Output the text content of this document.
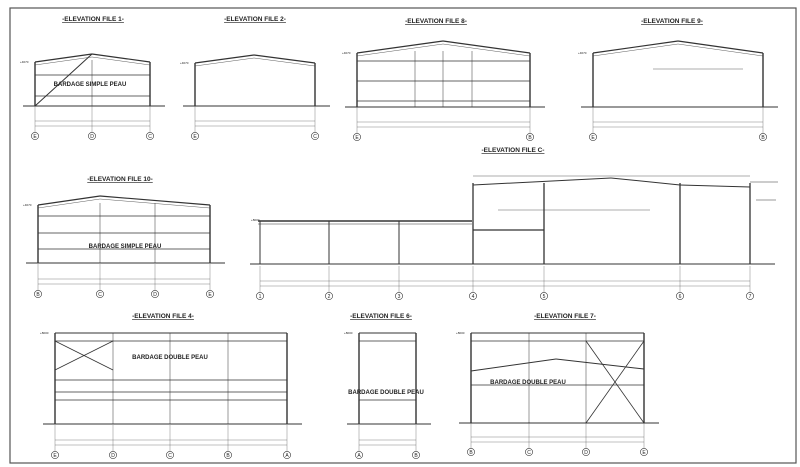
-ELEVATION FILE 1-
BARDAGE SIMPLE PEAU
+4670
E	D	C
-ELEVATION FILE 2-
+4670
E	C
-ELEVATION FILE 8-
+4670
E	B
-ELEVATION FILE 9-
+4670
E	B
-ELEVATION FILE 10-
BARDAGE SIMPLE PEAU
+4670
B	C	D	E
-ELEVATION FILE C-
+8000
1	2	3	4	5	6	7
-ELEVATION FILE 4-
BARDAGE DOUBLE PEAU
+8000
E	D	C	B	A
-ELEVATION FILE 6-
BARDAGE DOUBLE PEAU
+8000
A	B
-ELEVATION FILE 7-
BARDAGE DOUBLE PEAU
+8000
B	C	D	E
